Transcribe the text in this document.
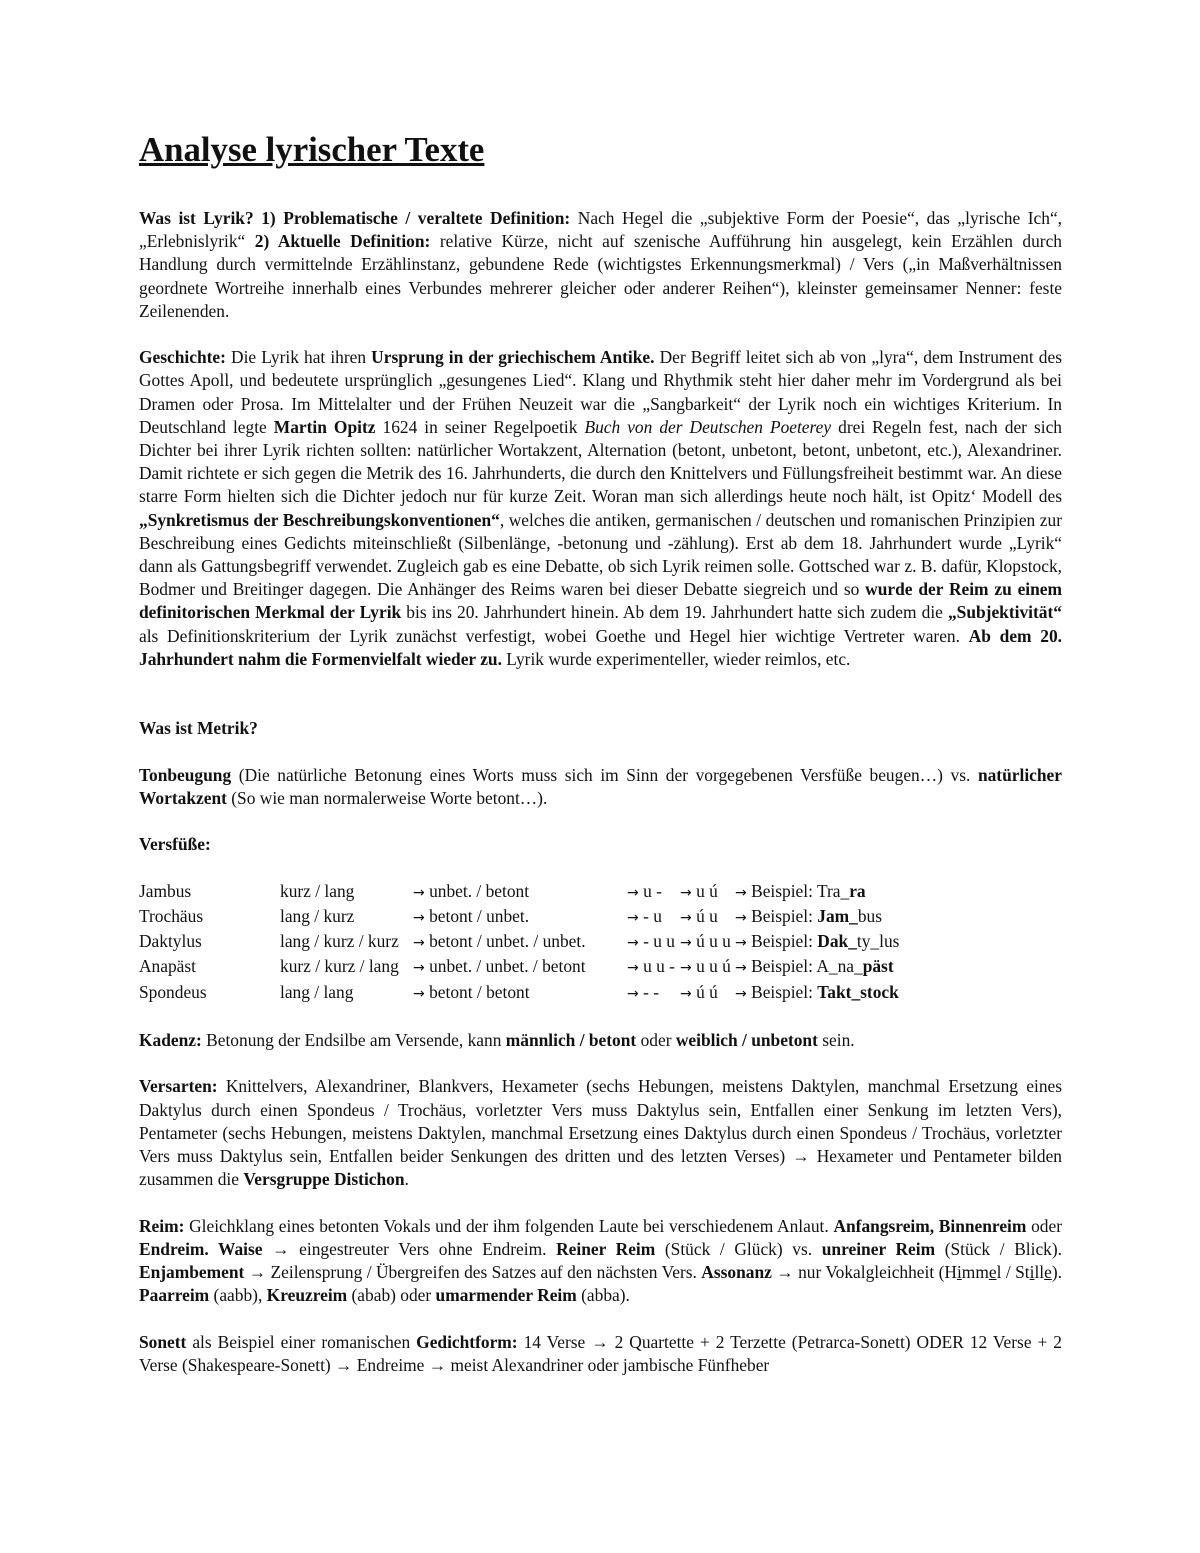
Analyse lyrischer Texte

Was ist Lyrik? 1) Problematische / veraltete Definition: Nach Hegel die „subjektive Form der Poesie“, das „lyrische Ich“, „Erlebnislyrik“ 2) Aktuelle Definition: relative Kürze, nicht auf szenische Aufführung hin ausgelegt, kein Erzählen durch Handlung durch vermittelnde Erzählinstanz, gebundene Rede (wichtigstes Erkennungsmerkmal) / Vers („in Maßverhältnissen geordnete Wortreihe innerhalb eines Verbundes mehrerer gleicher oder anderer Reihen“), kleinster gemeinsamer Nenner: feste Zeilenenden.

Geschichte: Die Lyrik hat ihren Ursprung in der griechischem Antike. Der Begriff leitet sich ab von „lyra“, dem Instrument des Gottes Apoll, und bedeutete ursprünglich „gesungenes Lied“. Klang und Rhythmik steht hier daher mehr im Vordergrund als bei Dramen oder Prosa. Im Mittelalter und der Frühen Neuzeit war die „Sangbarkeit“ der Lyrik noch ein wichtiges Kriterium. In Deutschland legte Martin Opitz 1624 in seiner Regelpoetik Buch von der Deutschen Poeterey drei Regeln fest, nach der sich Dichter bei ihrer Lyrik richten sollten: natürlicher Wortakzent, Alternation (betont, unbetont, betont, unbetont, etc.), Alexandriner. Damit richtete er sich gegen die Metrik des 16. Jahrhunderts, die durch den Knittelvers und Füllungsfreiheit bestimmt war. An diese starre Form hielten sich die Dichter jedoch nur für kurze Zeit. Woran man sich allerdings heute noch hält, ist Opitz‘ Modell des „Synkretismus der Beschreibungskonventionen“, welches die antiken, germanischen / deutschen und romanischen Prinzipien zur Beschreibung eines Gedichts miteinschließt (Silbenlänge, -betonung und -zählung). Erst ab dem 18. Jahrhundert wurde „Lyrik“ dann als Gattungsbegriff verwendet. Zugleich gab es eine Debatte, ob sich Lyrik reimen solle. Gottsched war z. B. dafür, Klopstock, Bodmer und Breitinger dagegen. Die Anhänger des Reims waren bei dieser Debatte siegreich und so wurde der Reim zu einem definitorischen Merkmal der Lyrik bis ins 20. Jahrhundert hinein. Ab dem 19. Jahrhundert hatte sich zudem die „Subjektivität“ als Definitionskriterium der Lyrik zunächst verfestigt, wobei Goethe und Hegel hier wichtige Vertreter waren. Ab dem 20. Jahrhundert nahm die Formenvielfalt wieder zu. Lyrik wurde experimenteller, wieder reimlos, etc.

Was ist Metrik?

Tonbeugung (Die natürliche Betonung eines Worts muss sich im Sinn der vorgegebenen Versfüße beugen…) vs. natürlicher Wortakzent (So wie man normalerweise Worte betont…).

Versfüße:

Jambus	kurz / lang	→ unbet. / betont	→ u -	→ u ú	→ Beispiel: Tra_ra
Trochäus	lang / kurz	→ betont / unbet.	→ - u	→ ú u	→ Beispiel: Jam_bus
Daktylus	lang / kurz / kurz	→ betont / unbet. / unbet.	→ - u u	→ ú u u	→ Beispiel: Dak_ty_lus
Anapäst	kurz / kurz / lang	→ unbet. / unbet. / betont	→ u u -	→ u u ú	→ Beispiel: A_na_päst
Spondeus	lang / lang	→ betont / betont	→ - -	→ ú ú	→ Beispiel: Takt_stock

Kadenz: Betonung der Endsilbe am Versende, kann männlich / betont oder weiblich / unbetont sein.

Versarten: Knittelvers, Alexandriner, Blankvers, Hexameter (sechs Hebungen, meistens Daktylen, manchmal Ersetzung eines Daktylus durch einen Spondeus / Trochäus, vorletzter Vers muss Daktylus sein, Entfallen einer Senkung im letzten Vers), Pentameter (sechs Hebungen, meistens Daktylen, manchmal Ersetzung eines Daktylus durch einen Spondeus / Trochäus, vorletzter Vers muss Daktylus sein, Entfallen beider Senkungen des dritten und des letzten Verses) → Hexameter und Pentameter bilden zusammen die Versgruppe Distichon.

Reim: Gleichklang eines betonten Vokals und der ihm folgenden Laute bei verschiedenem Anlaut. Anfangsreim, Binnenreim oder Endreim. Waise → eingestreuter Vers ohne Endreim. Reiner Reim (Stück / Glück) vs. unreiner Reim (Stück / Blick). Enjambement → Zeilensprung / Übergreifen des Satzes auf den nächsten Vers. Assonanz → nur Vokalgleichheit (Himmel / Stille). Paarreim (aabb), Kreuzreim (abab) oder umarmender Reim (abba).

Sonett als Beispiel einer romanischen Gedichtform: 14 Verse → 2 Quartette + 2 Terzette (Petrarca-Sonett) ODER 12 Verse + 2 Verse (Shakespeare-Sonett) → Endreime → meist Alexandriner oder jambische Fünfheber
